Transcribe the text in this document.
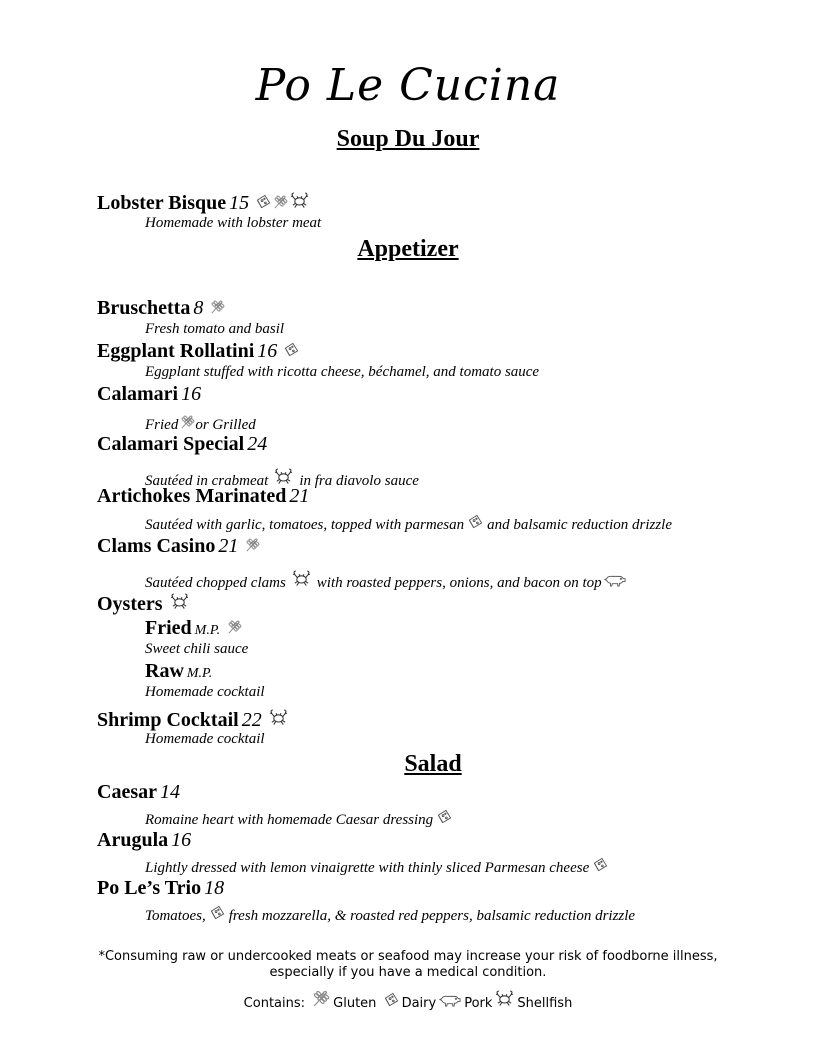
Po Le Cucina
Soup Du Jour
Lobster Bisque 15
Homemade with lobster meat
Appetizer
Bruschetta 8
Fresh tomato and basil
Eggplant Rollatini 16
Eggplant stuffed with ricotta cheese, béchamel, and tomato sauce
Calamari 16
Fried or Grilled
Calamari Special 24
Sautéed in crabmeat in fra diavolo sauce
Artichokes Marinated 21
Sautéed with garlic, tomatoes, topped with parmesan and balsamic reduction drizzle
Clams Casino 21
Sautéed chopped clams with roasted peppers, onions, and bacon on top
Oysters
Fried M.P.
Sweet chili sauce
Raw M.P.
Homemade cocktail
Shrimp Cocktail 22
Homemade cocktail
Salad
Caesar 14
Romaine heart with homemade Caesar dressing
Arugula 16
Lightly dressed with lemon vinaigrette with thinly sliced Parmesan cheese
Po Le’s Trio 18
Tomatoes, fresh mozzarella, & roasted red peppers, balsamic reduction drizzle
*Consuming raw or undercooked meats or seafood may increase your risk of foodborne illness, especially if you have a medical condition.
Contains: Gluten Dairy Pork Shellfish
